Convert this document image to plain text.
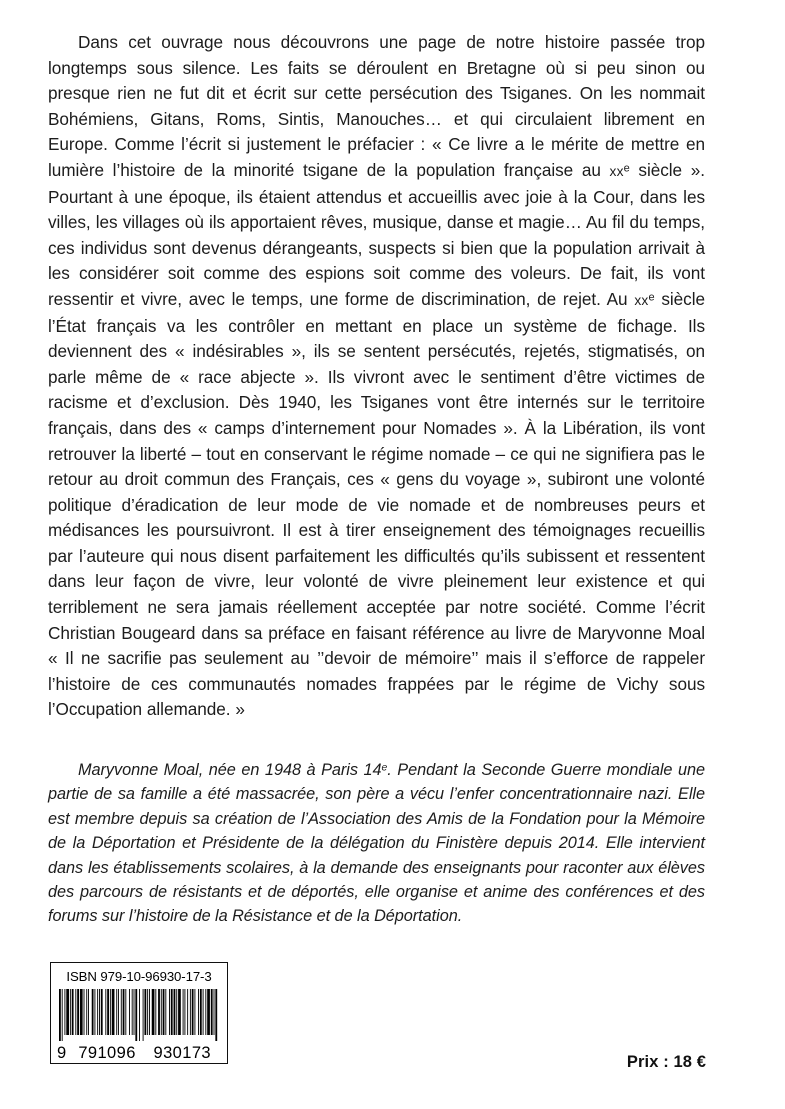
Dans cet ouvrage nous découvrons une page de notre histoire passée trop longtemps sous silence. Les faits se déroulent en Bretagne où si peu sinon ou presque rien ne fut dit et écrit sur cette persécution des Tsiganes. On les nommait Bohémiens, Gitans, Roms, Sintis, Manouches… et qui circulaient librement en Europe. Comme l’écrit si justement le préfacier : « Ce livre a le mérite de mettre en lumière l’histoire de la minorité tsigane de la population française au $xx^e$ siècle ». Pourtant à une époque, ils étaient attendus et accueillis avec joie à la Cour, dans les villes, les villages où ils apportaient rêves, musique, danse et magie… Au fil du temps, ces individus sont devenus dérangeants, suspects si bien que la population arrivait à les considérer soit comme des espions soit comme des voleurs. De fait, ils vont ressentir et vivre, avec le temps, une forme de discrimination, de rejet. Au $xx^e$ siècle l’État français va les contrôler en mettant en place un système de fichage. Ils deviennent des « indésirables », ils se sentent persécutés, rejetés, stigmatisés, on parle même de « race abjecte ». Ils vivront avec le sentiment d’être victimes de racisme et d’exclusion. Dès 1940, les Tsiganes vont être internés sur le territoire français, dans des « camps d’internement pour Nomades ». À la Libération, ils vont retrouver la liberté – tout en conservant le régime nomade – ce qui ne signifiera pas le retour au droit commun des Français, ces « gens du voyage », subiront une volonté politique d’éradication de leur mode de vie nomade et de nombreuses peurs et médisances les poursuivront. Il est à tirer enseignement des témoignages recueillis par l’auteure qui nous disent parfaitement les difficultés qu’ils subissent et ressentent dans leur façon de vivre, leur volonté de vivre pleinement leur existence et qui terriblement ne sera jamais réellement acceptée par notre société. Comme l’écrit Christian Bougeard dans sa préface en faisant référence au livre de Maryvonne Moal « Il ne sacrifie pas seulement au ’’devoir de mémoire’’ mais il s’efforce de rappeler l’histoire de ces communautés nomades frappées par le régime de Vichy sous l’Occupation allemande. »

Maryvonne Moal, née en 1948 à Paris 14e. Pendant la Seconde Guerre mondiale une partie de sa famille a été massacrée, son père a vécu l’enfer concentrationnaire nazi. Elle est membre depuis sa création de l’Association des Amis de la Fondation pour la Mémoire de la Déportation et Présidente de la délégation du Finistère depuis 2014. Elle intervient dans les établissements scolaires, à la demande des enseignants pour raconter aux élèves des parcours de résistants et de déportés, elle organise et anime des conférences et des forums sur l’histoire de la Résistance et de la Déportation.

ISBN 979-10-96930-17-3
9 791096 930173	Prix : 18 €
